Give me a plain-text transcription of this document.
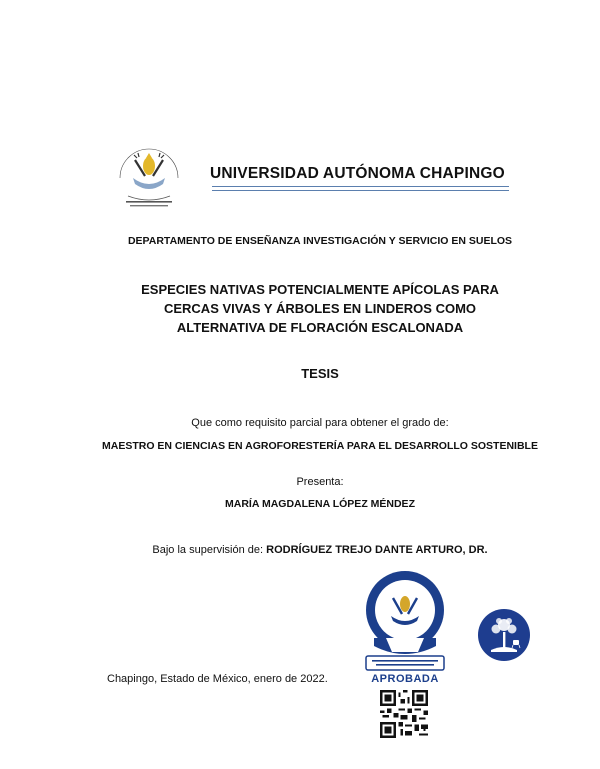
UNIVERSIDAD AUTÓNOMA CHAPINGO
DEPARTAMENTO DE ENSEÑANZA INVESTIGACIÓN Y SERVICIO EN SUELOS
ESPECIES NATIVAS POTENCIALMENTE APÍCOLAS PARA CERCAS VIVAS Y ÁRBOLES EN LINDEROS COMO ALTERNATIVA DE FLORACIÓN ESCALONADA
TESIS
Que como requisito parcial para obtener el grado de:
MAESTRO EN CIENCIAS EN AGROFORESTERÍA PARA EL DESARROLLO SOSTENIBLE
Presenta:
MARÍA MAGDALENA LÓPEZ MÉNDEZ
Bajo la supervisión de: RODRÍGUEZ TREJO DANTE ARTURO, DR.
Chapingo, Estado de México, enero de 2022.	APROBADA
